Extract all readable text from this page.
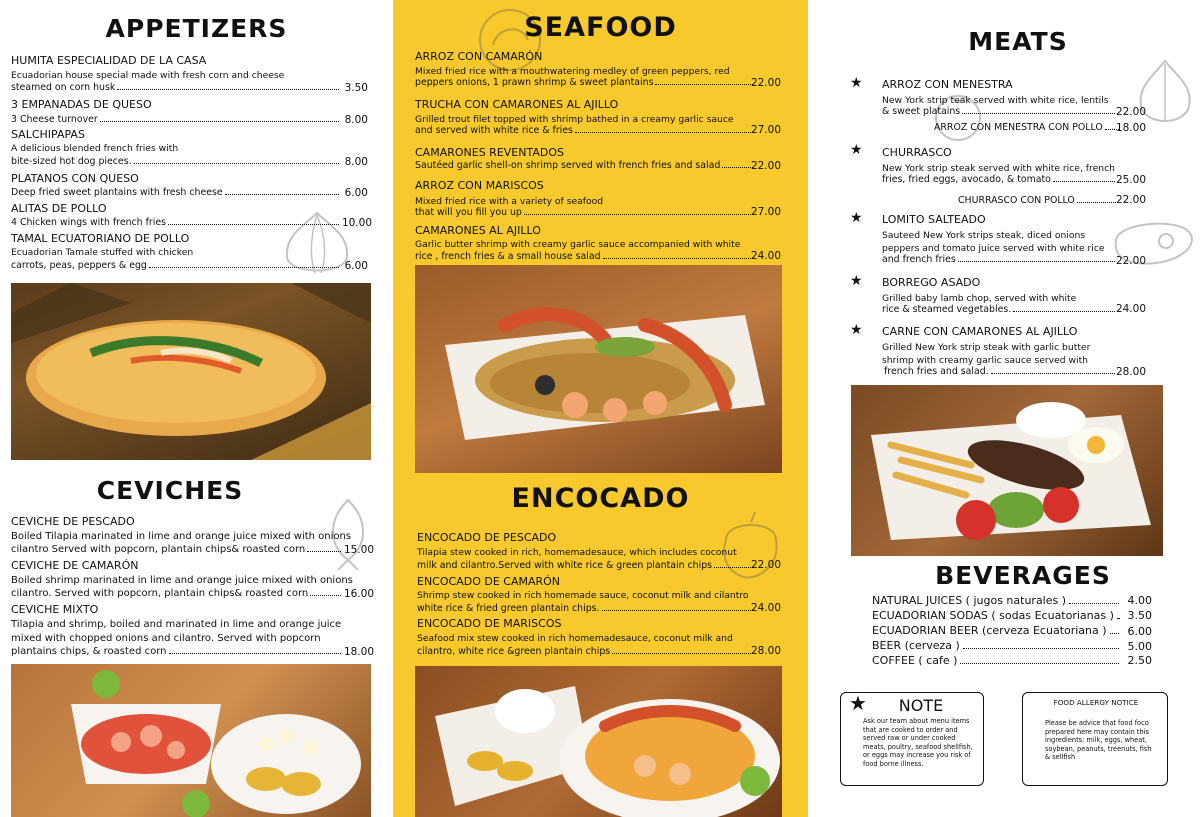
APPETIZERS
HUMITA ESPECIALIDAD DE LA CASA
Ecuadorian house special made with fresh corn and cheese
steamed on corn husk	3.50
3 EMPANADAS DE QUESO
3 Cheese turnover	8.00
SALCHIPAPAS
A delicious blended french fries with
bite-sized hot dog pieces.	8.00
PLATANOS CON QUESO
Deep fried sweet plantains with fresh cheese	6.00
ALITAS DE POLLO
4 Chicken wings with french fries	10.00
TAMAL ECUATORIANO DE POLLO
Ecuadorian Tamale stuffed with chicken
carrots, peas, peppers & egg	6.00
CEVICHES
CEVICHE DE PESCADO
Boiled Tilapia marinated in lime and orange juice mixed with onions
cilantro Served with popcorn, plantain chips& roasted corn	15.00
CEVICHE DE CAMARÓN
Boiled shrimp marinated in lime and orange juice mixed with onions
cilantro. Served with popcorn, plantain chips& roasted corn	16.00
CEVICHE MIXTO
Tilapia and shrimp, boiled and marinated in lime and orange juice
mixed with chopped onions and cilantro. Served with popcorn
plantains chips, & roasted corn	18.00
SEAFOOD
ARROZ CON CAMARÓN
Mixed fried rice with a mouthwatering medley of green peppers, red
peppers onions, 1 prawn shrimp & sweet plantains	22.00
TRUCHA CON CAMARONES AL AJILLO
Grilled trout filet topped with shrimp bathed in a creamy garlic sauce
and served with white rice & fries	27.00
CAMARONES REVENTADOS
Sautéed garlic shell-on shrimp served with french fries and salad	22.00
ARROZ CON MARISCOS
Mixed fried rice with a variety of seafood
that will you fill you up	27.00
CAMARONES AL AJILLO
Garlic butter shrimp with creamy garlic sauce accompanied with white
rice , french fries & a small house salad	24.00
ENCOCADO
ENCOCADO DE PESCADO
Tilapia stew cooked in rich, homemadesauce, which includes coconut
milk and cilantro.Served with white rice & green plantain chips	22.00
ENCOCADO DE CAMARÓN
Shrimp stew cooked in rich homemade sauce, coconut milk and cilantro
white rice & fried green plantain chips.	24.00
ENCOCADO DE MARISCOS
Seafood mix stew cooked in rich homemadesauce, coconut milk and
cilantro, white rice &green plantain chips	28.00
MEATS
★ ARROZ CON MENESTRA
New York strip teak served with white rice, lentils
& sweet platains	22.00
ARROZ CON MENESTRA CON POLLO	18.00
★ CHURRASCO
New York strip steak served with white rice, french
fries, fried eggs, avocado, & tomato	25.00
CHURRASCO CON POLLO	22.00
★ LOMITO SALTEADO
Sauteed New York strips steak, diced onions
peppers and tomato juice served with white rice
and french fries	22.00
★ BORREGO ASADO
Grilled baby lamb chop, served with white
rice & steamed vegetables.	24.00
★ CARNE CON CAMARONES AL AJILLO
Grilled New York strip steak with garlic butter
shrimp with creamy garlic sauce served with
french fries and salad.	28.00
BEVERAGES
NATURAL JUICES ( jugos naturales )	4.00
ECUADORIAN SODAS ( sodas Ecuatorianas )	3.50
ECUADORIAN BEER (cerveza Ecuatoriana )	6.00
BEER (cerveza )	5.00
COFFEE ( cafe )	2.50
★	NOTE
Ask our team about menu items that are cooked to order and served raw or under cooked meats, poultry, seafood shellfish, or eggs may increase you risk of food borne illness.
FOOD ALLERGY NOTICE
Please be advice that food foco prepared here may contain this ingredients: milk, eggs, wheat, soybean, peanuts, treenuts, fish & sellfish
